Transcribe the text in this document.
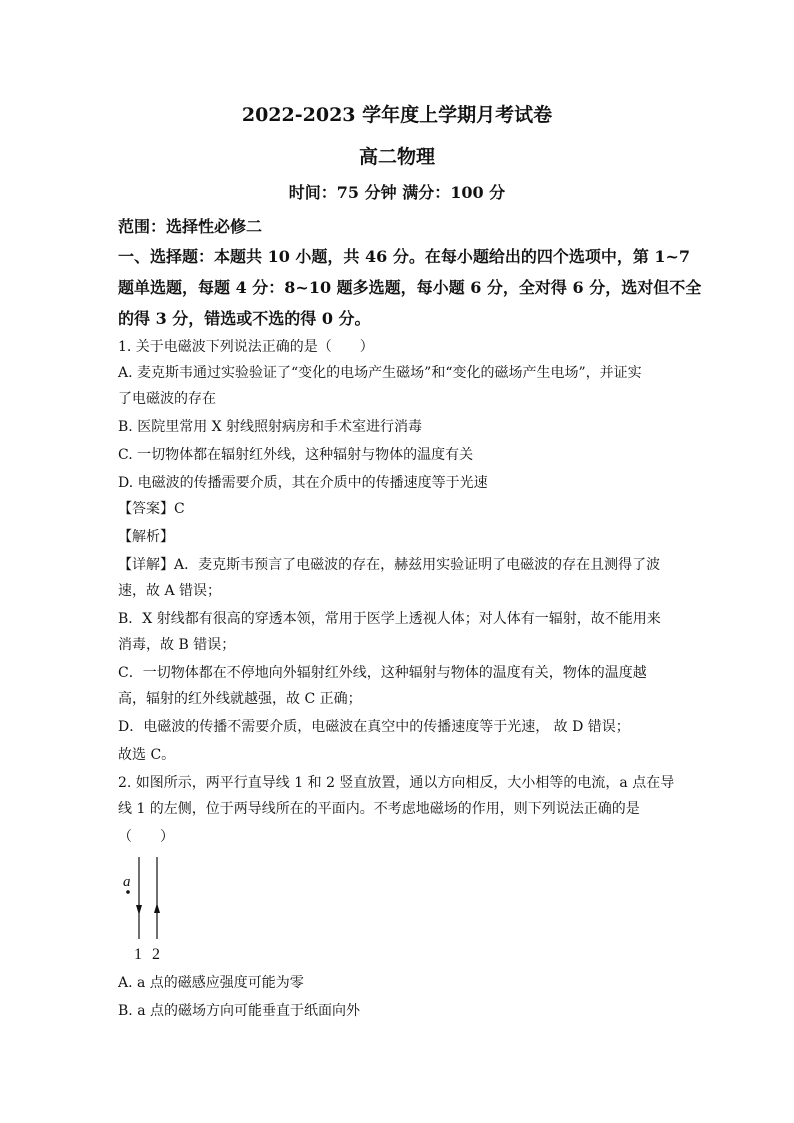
2022-2023 学年度上学期月考试卷
高二物理
时间：75 分钟 满分：100 分
范围：选择性必修二
一、选择题：本题共 10 小题，共 46 分。在每小题给出的四个选项中，第 1~7
题单选题，每题 4 分：8~10 题多选题，每小题 6 分，全对得 6 分，选对但不全
的得 3 分，错选或不选的得 0 分。
1. 关于电磁波下列说法正确的是（　　）
A. 麦克斯韦通过实验验证了“变化的电场产生磁场”和“变化的磁场产生电场”，并证实
了电磁波的存在
B. 医院里常用 X 射线照射病房和手术室进行消毒
C. 一切物体都在辐射红外线，这种辐射与物体的温度有关
D. 电磁波的传播需要介质，其在介质中的传播速度等于光速
【答案】C
【解析】
【详解】A．麦克斯韦预言了电磁波的存在，赫兹用实验证明了电磁波的存在且测得了波
速，故 A 错误；
B．X 射线都有很高的穿透本领，常用于医学上透视人体；对人体有一辐射，故不能用来
消毒，故 B 错误；
C．一切物体都在不停地向外辐射红外线，这种辐射与物体的温度有关，物体的温度越
高，辐射的红外线就越强，故 C 正确；
D．电磁波的传播不需要介质，电磁波在真空中的传播速度等于光速， 故 D 错误；
故选 C。
2. 如图所示，两平行直导线 1 和 2 竖直放置，通以方向相反，大小相等的电流，a 点在导
线 1 的左侧，位于两导线所在的平面内。不考虑地磁场的作用，则下列说法正确的是
（　　）
a
1 2
A. a 点的磁感应强度可能为零
B. a 点的磁场方向可能垂直于纸面向外
